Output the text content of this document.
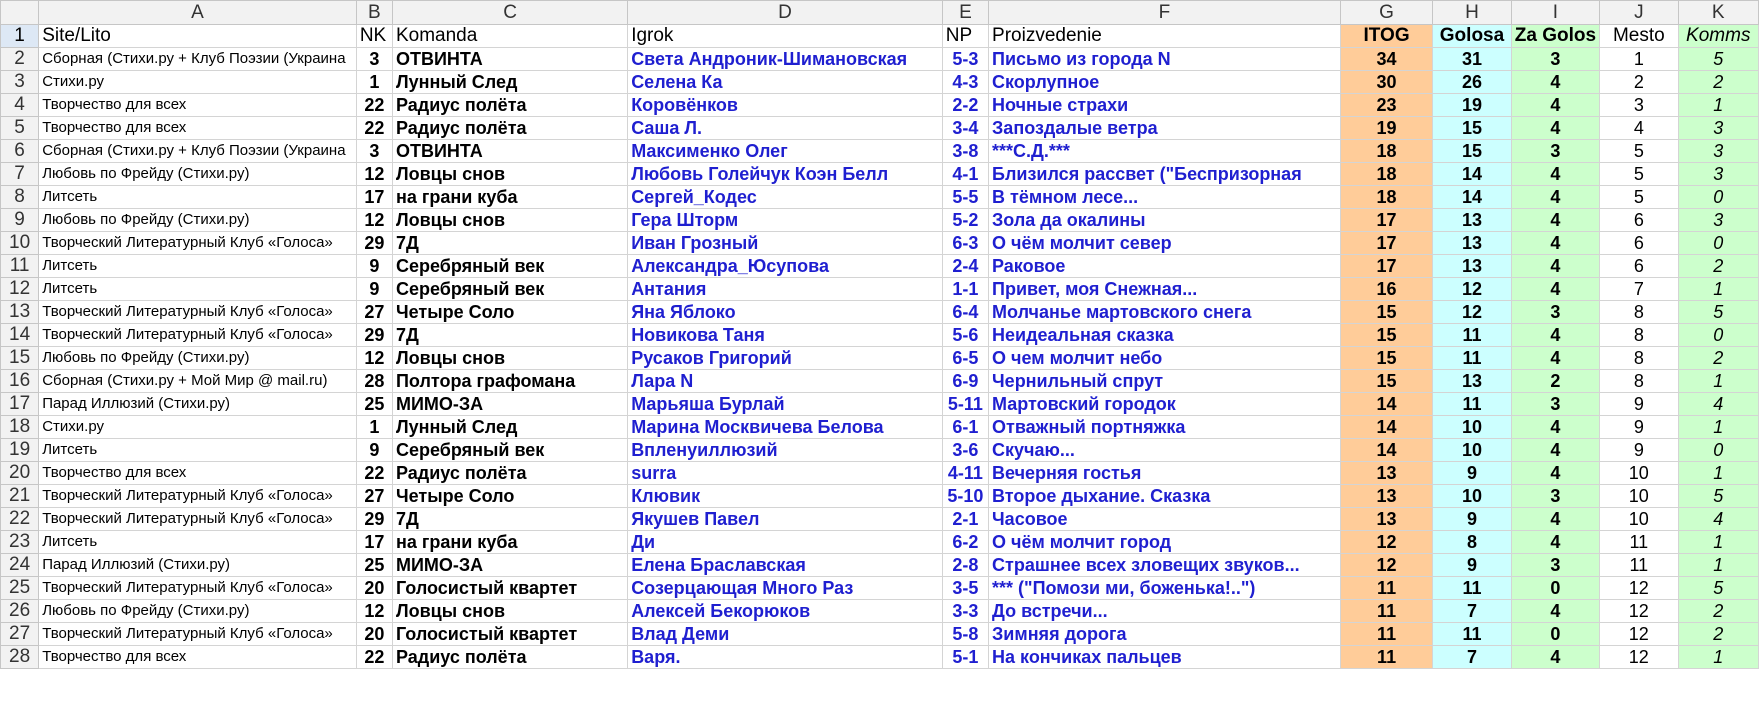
	A	B	C	D	E	F	G	H	I	J	K
1	Site/Lito	NK	Komanda	Igrok	NP	Proizvedenie	ITOG	Golosa	Za Golos	Mesto	Komms
2	Сборная (Стихи.ру + Клуб Поэзии (Украина	3	ОТВИНТА	Света Андроник-Шимановская	5-3	Письмо из города N	34	31	3	1	5
3	Стихи.ру	1	Лунный След	Селена Ка	4-3	Скорлупное	30	26	4	2	2
4	Творчество для всех	22	Радиус полёта	Коровёнков	2-2	Ночные страхи	23	19	4	3	1
5	Творчество для всех	22	Радиус полёта	Саша Л.	3-4	Запоздалые ветра	19	15	4	4	3
6	Сборная (Стихи.ру + Клуб Поэзии (Украина	3	ОТВИНТА	Максименко Олег	3-8	***С.Д.***	18	15	3	5	3
7	Любовь по Фрейду (Стихи.ру)	12	Ловцы снов	Любовь Голейчук Коэн Белл	4-1	Близился рассвет ("Беспризорная	18	14	4	5	3
8	Литсеть	17	на грани куба	Сергей_Кодес	5-5	В тёмном лесе...	18	14	4	5	0
9	Любовь по Фрейду (Стихи.ру)	12	Ловцы снов	Гера Шторм	5-2	Зола да окалины	17	13	4	6	3
10	Творческий Литературный Клуб «Голоса»	29	7Д	Иван Грозный	6-3	О чём молчит север	17	13	4	6	0
11	Литсеть	9	Серебряный век	Александра_Юсупова	2-4	Раковое	17	13	4	6	2
12	Литсеть	9	Серебряный век	Антания	1-1	Привет, моя Снежная...	16	12	4	7	1
13	Творческий Литературный Клуб «Голоса»	27	Четыре Соло	Яна Яблоко	6-4	Молчанье мартовского снега	15	12	3	8	5
14	Творческий Литературный Клуб «Голоса»	29	7Д	Новикова Таня	5-6	Неидеальная сказка	15	11	4	8	0
15	Любовь по Фрейду (Стихи.ру)	12	Ловцы снов	Русаков Григорий	6-5	О чем молчит небо	15	11	4	8	2
16	Сборная (Стихи.ру + Мой Мир @ mail.ru)	28	Полтора графомана	Лара N	6-9	Чернильный спрут	15	13	2	8	1
17	Парад Иллюзий (Стихи.ру)	25	МИМО-ЗА	Марьяша Бурлай	5-11	Мартовский городок	14	11	3	9	4
18	Стихи.ру	1	Лунный След	Марина Москвичева Белова	6-1	Отважный портняжка	14	10	4	9	1
19	Литсеть	9	Серебряный век	Впленуиллюзий	3-6	Скучаю...	14	10	4	9	0
20	Творчество для всех	22	Радиус полёта	surra	4-11	Вечерняя гостья	13	9	4	10	1
21	Творческий Литературный Клуб «Голоса»	27	Четыре Соло	Клювик	5-10	Второе дыхание. Сказка	13	10	3	10	5
22	Творческий Литературный Клуб «Голоса»	29	7Д	Якушев Павел	2-1	Часовое	13	9	4	10	4
23	Литсеть	17	на грани куба	Ди	6-2	О чём молчит город	12	8	4	11	1
24	Парад Иллюзий (Стихи.ру)	25	МИМО-ЗА	Елена Браславская	2-8	Страшнее всех зловещих звуков...	12	9	3	11	1
25	Творческий Литературный Клуб «Голоса»	20	Голосистый квартет	Созерцающая Много Раз	3-5	*** ("Помози ми, боженька!..")	11	11	0	12	5
26	Любовь по Фрейду (Стихи.ру)	12	Ловцы снов	Алексей Бекорюков	3-3	До встречи...	11	7	4	12	2
27	Творческий Литературный Клуб «Голоса»	20	Голосистый квартет	Влад Деми	5-8	Зимняя дорога	11	11	0	12	2
28	Творчество для всех	22	Радиус полёта	Варя.	5-1	На кончиках пальцев	11	7	4	12	1
